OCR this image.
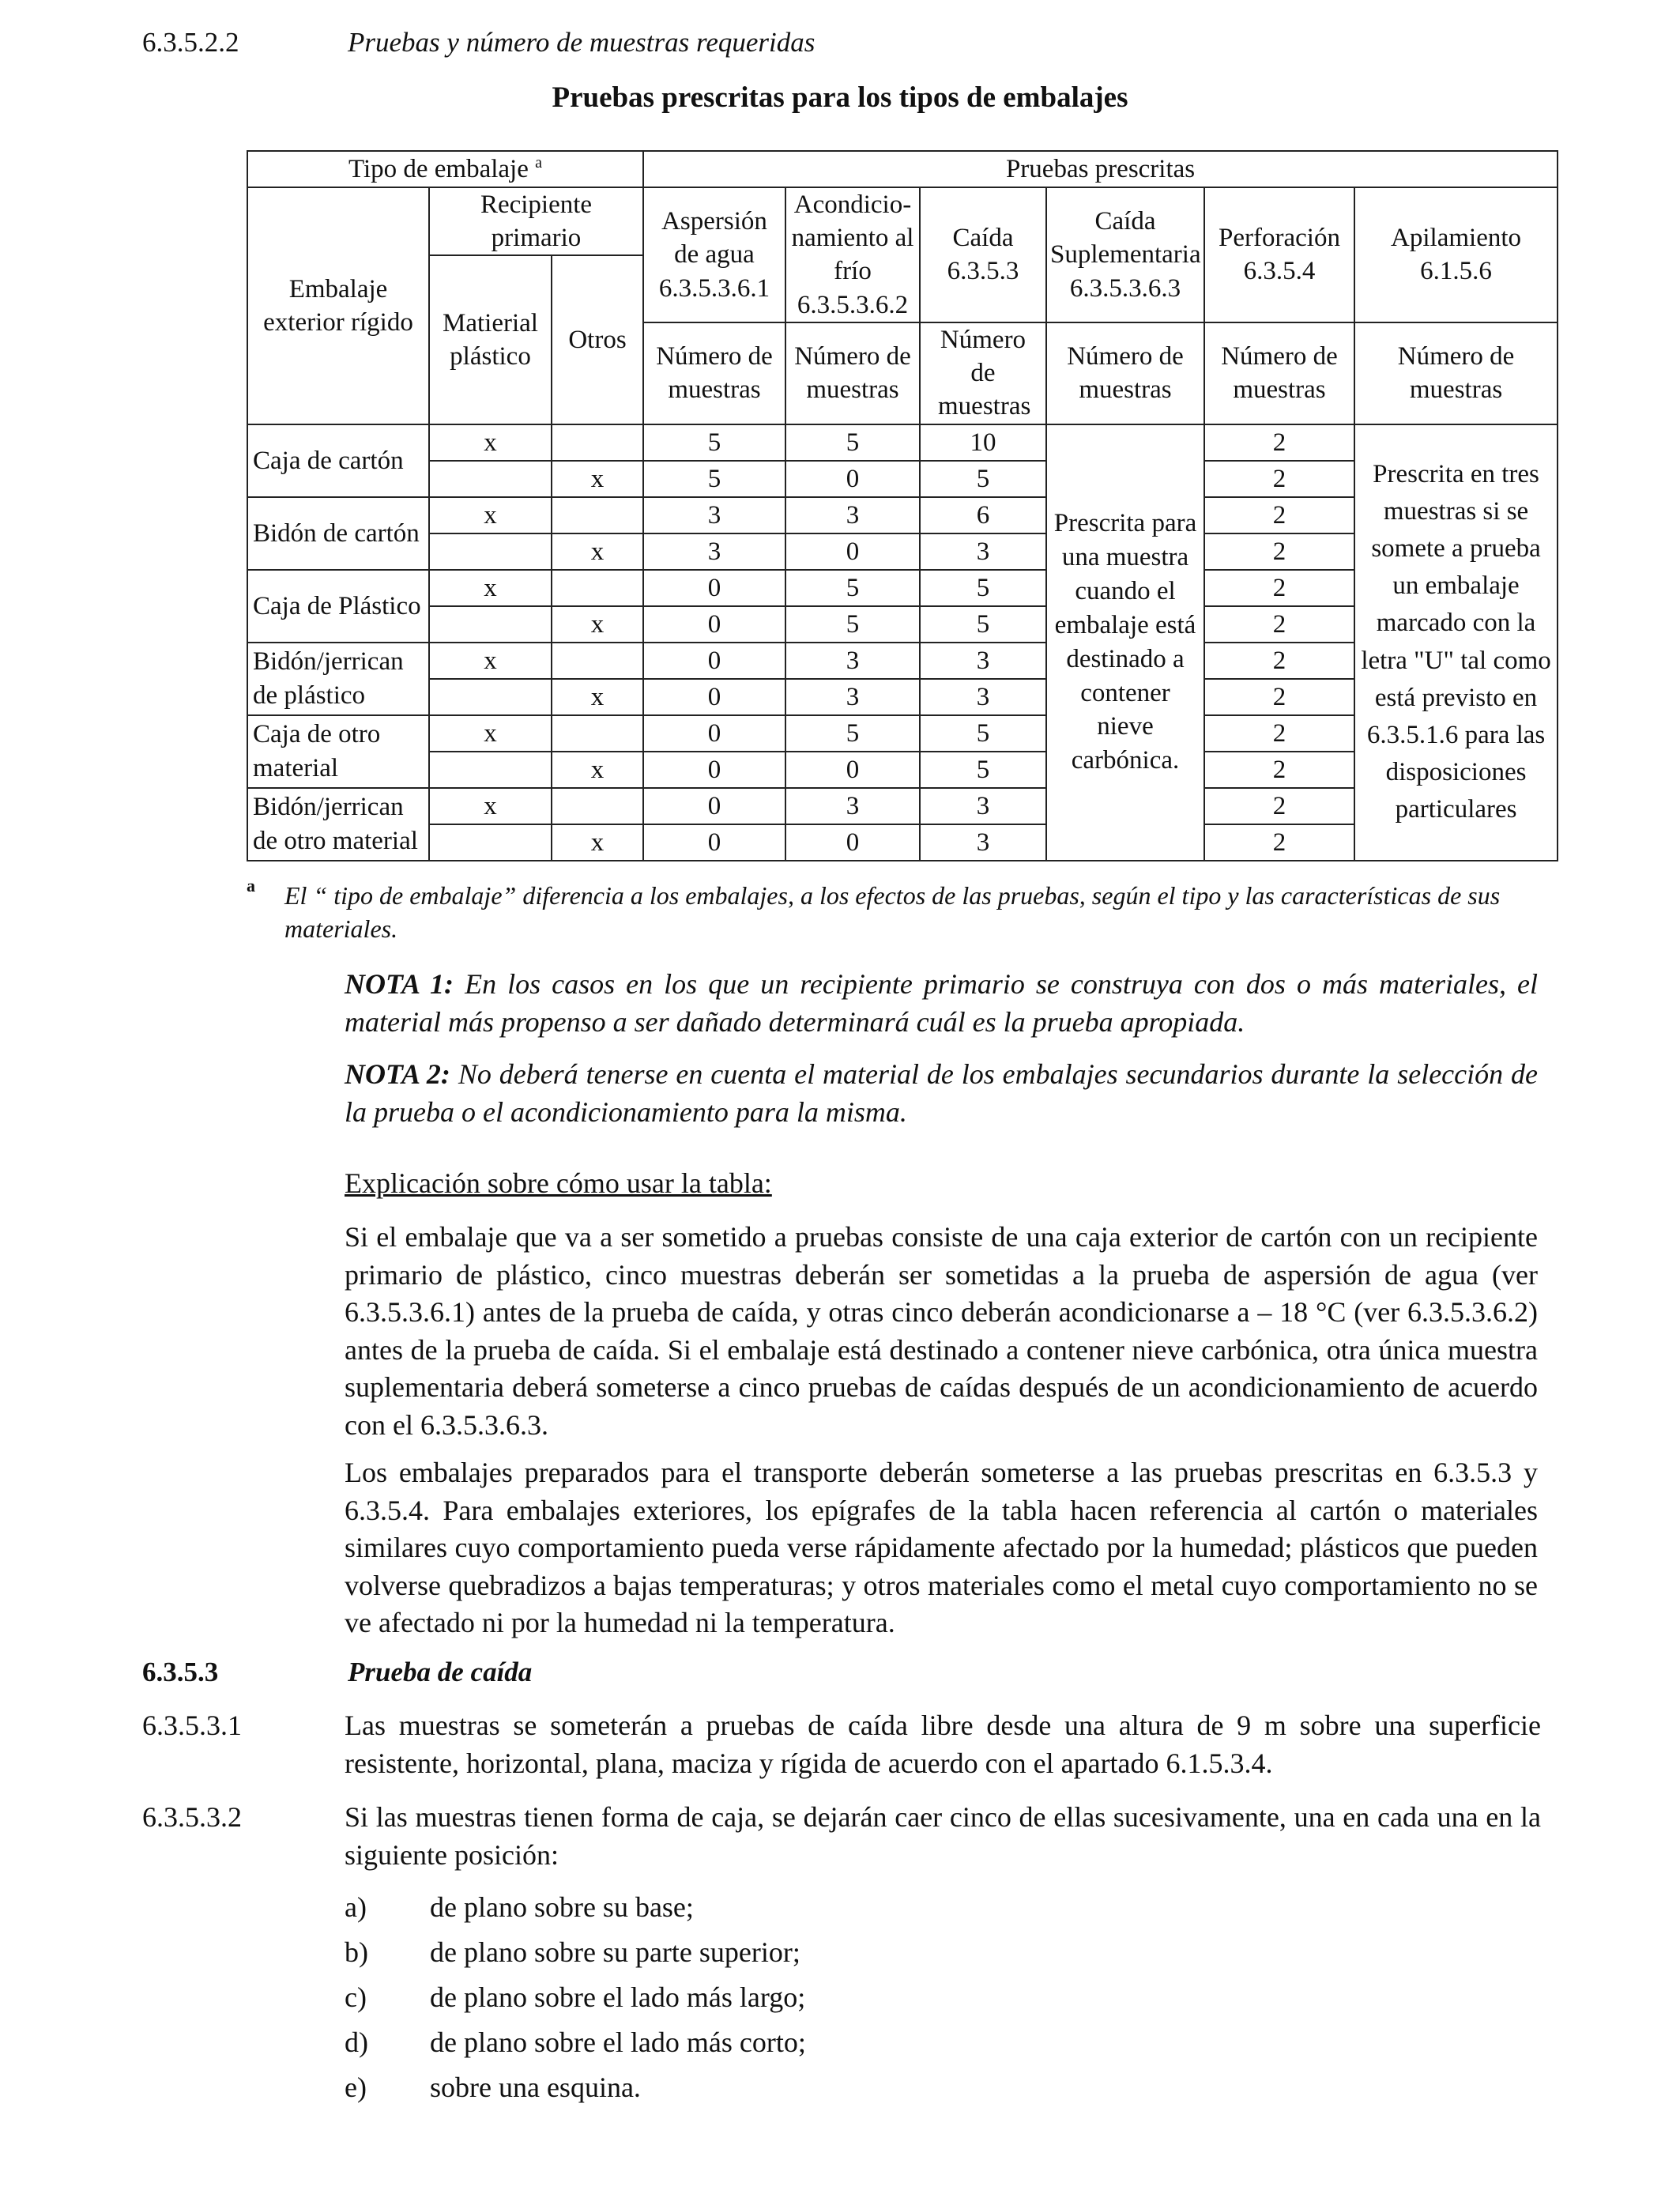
6.3.5.2.2	Pruebas y número de muestras requeridas
Pruebas prescritas para los tipos de embalajes
Tipo de embalaje $^a$			Pruebas prescritas					
Embalaje exterior rígido	Recipiente primario		Aspersión de agua 6.3.5.3.6.1	Acondicio-namiento al frío 6.3.5.3.6.2	Caída 6.3.5.3	Caída Suplementaria 6.3.5.3.6.3	Perforación 6.3.5.4	Apilamiento 6.1.5.6
	Matierial plástico	Otros						
			Número de muestras	Número de muestras	Número de muestras	Número de muestras	Número de muestras	Número de muestras
Caja de cartón	x		5	5	10	Prescrita para una muestra cuando el embalaje está destinado a contener nieve carbónica.	2	Prescrita en tres muestras si se somete a prueba un embalaje marcado con la letra "U" tal como está previsto en 6.3.5.1.6 para las disposiciones particulares
		x	5	0	5		2	
Bidón de cartón	x		3	3	6		2	
		x	3	0	3		2	
Caja de Plástico	x		0	5	5		2	
		x	0	5	5		2	
Bidón/jerrican de plástico	x		0	3	3		2	
		x	0	3	3		2	
Caja de otro material	x		0	5	5		2	
		x	0	0	5		2	
Bidón/jerrican de otro material	x		0	3	3		2	
		x	0	0	3		2	
a El “ tipo de embalaje” diferencia a los embalajes, a los efectos de las pruebas, según el tipo y las características de sus materiales.
NOTA 1: En los casos en los que un recipiente primario se construya con dos o más materiales, el material más propenso a ser dañado determinará cuál es la prueba apropiada.
NOTA 2: No deberá tenerse en cuenta el material de los embalajes secundarios durante la selección de la prueba o el acondicionamiento para la misma.
Explicación sobre cómo usar la tabla:
Si el embalaje que va a ser sometido a pruebas consiste de una caja exterior de cartón con un recipiente primario de plástico, cinco muestras deberán ser sometidas a la prueba de aspersión de agua (ver 6.3.5.3.6.1) antes de la prueba de caída, y otras cinco deberán acondicionarse a – 18 °C (ver 6.3.5.3.6.2) antes de la prueba de caída. Si el embalaje está destinado a contener nieve carbónica, otra única muestra suplementaria deberá someterse a cinco pruebas de caídas después de un acondicionamiento de acuerdo con el 6.3.5.3.6.3.
Los embalajes preparados para el transporte deberán someterse a las pruebas prescritas en 6.3.5.3 y 6.3.5.4. Para embalajes exteriores, los epígrafes de la tabla hacen referencia al cartón o materiales similares cuyo comportamiento pueda verse rápidamente afectado por la humedad; plásticos que pueden volverse quebradizos a bajas temperaturas; y otros materiales como el metal cuyo comportamiento no se ve afectado ni por la humedad ni la temperatura.
6.3.5.3	Prueba de caída
6.3.5.3.1	Las muestras se someterán a pruebas de caída libre desde una altura de 9 m sobre una superficie resistente, horizontal, plana, maciza y rígida de acuerdo con el apartado 6.1.5.3.4.
6.3.5.3.2	Si las muestras tienen forma de caja, se dejarán caer cinco de ellas sucesivamente, una en cada una en la siguiente posición:
a) de plano sobre su base;
b) de plano sobre su parte superior;
c) de plano sobre el lado más largo;
d) de plano sobre el lado más corto;
e) sobre una esquina.
